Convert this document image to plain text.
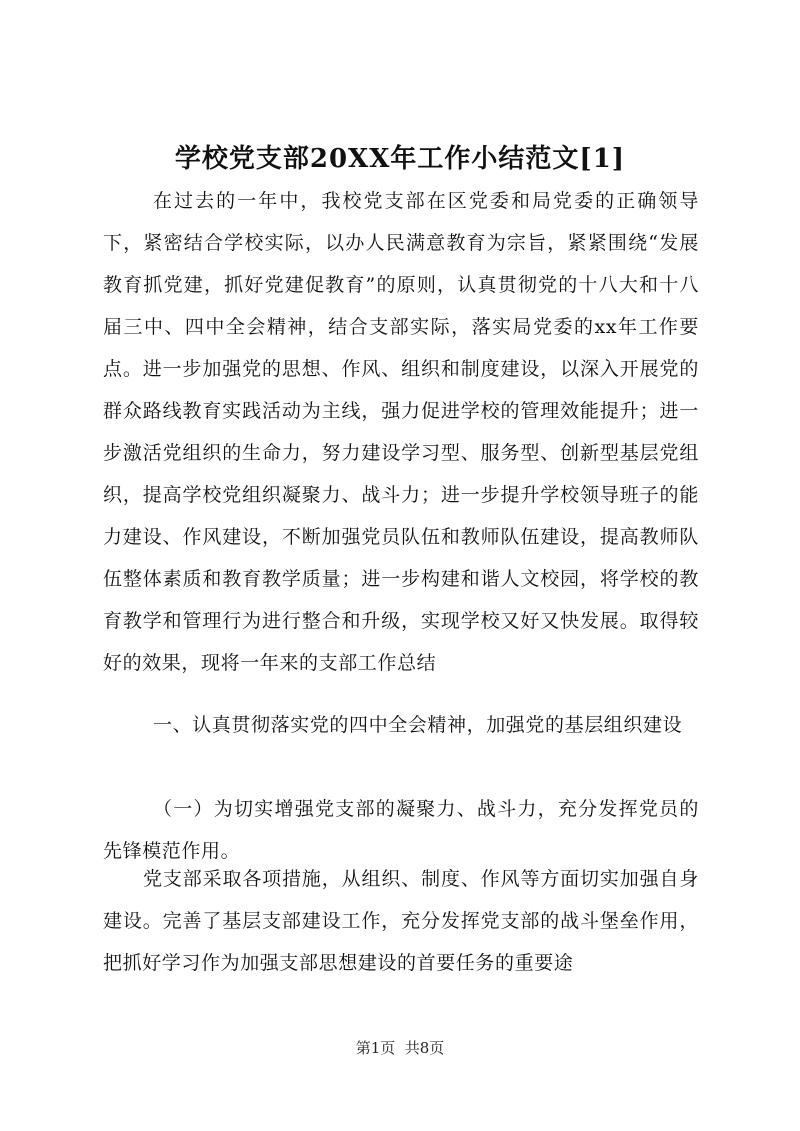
学校党支部20XX年工作小结范文[1]
在过去的一年中，我校党支部在区党委和局党委的正确领导下，紧密结合学校实际，以办人民满意教育为宗旨，紧紧围绕“发展教育抓党建，抓好党建促教育”的原则，认真贯彻党的十八大和十八届三中、四中全会精神，结合支部实际，落实局党委的xx年工作要点。进一步加强党的思想、作风、组织和制度建设，以深入开展党的群众路线教育实践活动为主线，强力促进学校的管理效能提升；进一步激活党组织的生命力，努力建设学习型、服务型、创新型基层党组织，提高学校党组织凝聚力、战斗力；进一步提升学校领导班子的能力建设、作风建设，不断加强党员队伍和教师队伍建设，提高教师队伍整体素质和教育教学质量；进一步构建和谐人文校园，将学校的教育教学和管理行为进行整合和升级，实现学校又好又快发展。取得较好的效果，现将一年来的支部工作总结
一、认真贯彻落实党的四中全会精神，加强党的基层组织建设
（一）为切实增强党支部的凝聚力、战斗力，充分发挥党员的先锋模范作用。
党支部采取各项措施，从组织、制度、作风等方面切实加强自身建设。完善了基层支部建设工作，充分发挥党支部的战斗堡垒作用，把抓好学习作为加强支部思想建设的首要任务的重要途
第1页  共8页
